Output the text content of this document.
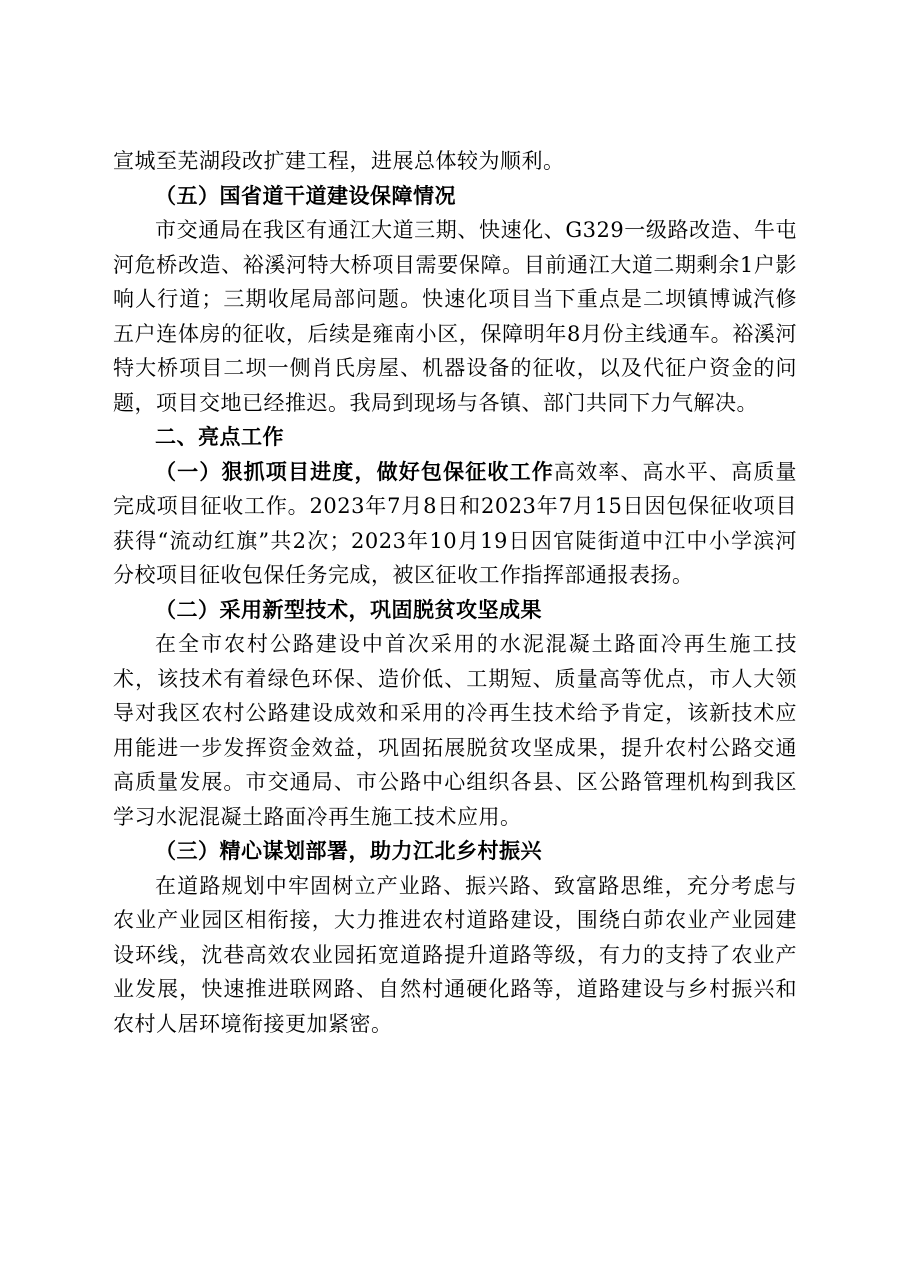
宣城至芜湖段改扩建工程，进展总体较为顺利。

（五）国省道干道建设保障情况

市交通局在我区有通江大道三期、快速化、G329一级路改造、牛屯河危桥改造、裕溪河特大桥项目需要保障。目前通江大道二期剩余1户影响人行道；三期收尾局部问题。快速化项目当下重点是二坝镇博诚汽修五户连体房的征收，后续是雍南小区，保障明年8月份主线通车。裕溪河特大桥项目二坝一侧肖氏房屋、机器设备的征收，以及代征户资金的问题，项目交地已经推迟。我局到现场与各镇、部门共同下力气解决。

二、亮点工作

（一）狠抓项目进度，做好包保征收工作高效率、高水平、高质量完成项目征收工作。2023年7月8日和2023年7月15日因包保征收项目获得“流动红旗”共2次；2023年10月19日因官陡街道中江中小学滨河分校项目征收包保任务完成，被区征收工作指挥部通报表扬。

（二）采用新型技术，巩固脱贫攻坚成果

在全市农村公路建设中首次采用的水泥混凝土路面冷再生施工技术，该技术有着绿色环保、造价低、工期短、质量高等优点，市人大领导对我区农村公路建设成效和采用的冷再生技术给予肯定，该新技术应用能进一步发挥资金效益，巩固拓展脱贫攻坚成果，提升农村公路交通高质量发展。市交通局、市公路中心组织各县、区公路管理机构到我区学习水泥混凝土路面冷再生施工技术应用。

（三）精心谋划部署，助力江北乡村振兴

在道路规划中牢固树立产业路、振兴路、致富路思维，充分考虑与农业产业园区相衔接，大力推进农村道路建设，围绕白茆农业产业园建设环线，沈巷高效农业园拓宽道路提升道路等级，有力的支持了农业产业发展，快速推进联网路、自然村通硬化路等，道路建设与乡村振兴和农村人居环境衔接更加紧密。
